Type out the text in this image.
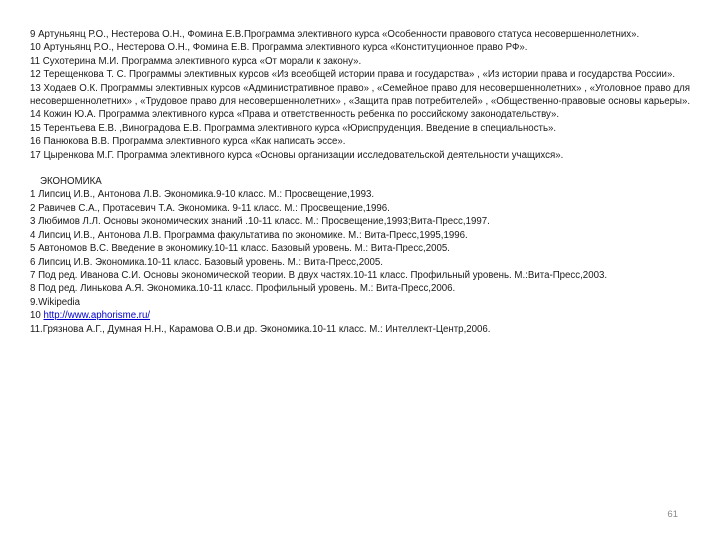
9 Артуньянц Р.О., Нестерова О.Н., Фомина Е.В.Программа элективного курса «Особенности правового статуса несовершеннолетних».

10 Артуньянц Р.О., Нестерова О.Н., Фомина Е.В. Программа элективного курса «Конституционное право РФ».

11 Сухотерина М.И. Программа элективного курса «От морали к закону».

12 Терещенкова Т. С. Программы элективных курсов «Из всеобщей истории права и государства» , «Из истории права и государства России».

13 Ходаев О.К. Программы элективных курсов «Административное право» , «Семейное право для несовершеннолетних» , «Уголовное право для несовершеннолетних» , «Трудовое право для несовершеннолетних» , «Защита прав потребителей» , «Общественно-правовые основы карьеры».

14 Кожин Ю.А. Программа элективного курса «Права и ответственность ребенка по российскому законодательству».

15 Терентьева Е.В. ,Виноградова Е.В. Программа элективного курса «Юриспруденция. Введение в специальность».

16 Панюкова В.В. Программа элективного курса «Как написать эссе».

17 Цыренкова М.Г. Программа элективного курса «Основы организации исследовательской деятельности учащихся».

ЭКОНОМИКА

1 Липсиц И.В., Антонова Л.В. Экономика.9-10 класс. М.: Просвещение,1993.

2 Равичев С.А., Протасевич Т.А. Экономика. 9-11 класс. М.: Просвещение,1996.

3 Любимов Л.Л. Основы экономических знаний .10-11 класс. М.: Просвещение,1993;Вита-Пресс,1997.

4 Липсиц И.В., Антонова Л.В. Программа факультатива по экономике. М.: Вита-Пресс,1995,1996.

5 Автономов В.С. Введение в экономику.10-11 класс. Базовый уровень. М.: Вита-Пресс,2005.

6 Липсиц И.В. Экономика.10-11 класс. Базовый уровень. М.: Вита-Пресс,2005.

7 Под ред. Иванова С.И. Основы экономической теории. В двух частях.10-11 класс. Профильный уровень. М.:Вита-Пресс,2003.

8 Под ред. Линькова А.Я. Экономика.10-11 класс. Профильный уровень. М.: Вита-Пресс,2006.

9.Wikipedia

10 http://www.aphorisme.ru/

11.Грязнова А.Г., Думная Н.Н., Карамова О.В.и др. Экономика.10-11 класс. М.: Интеллект-Центр,2006.

61
